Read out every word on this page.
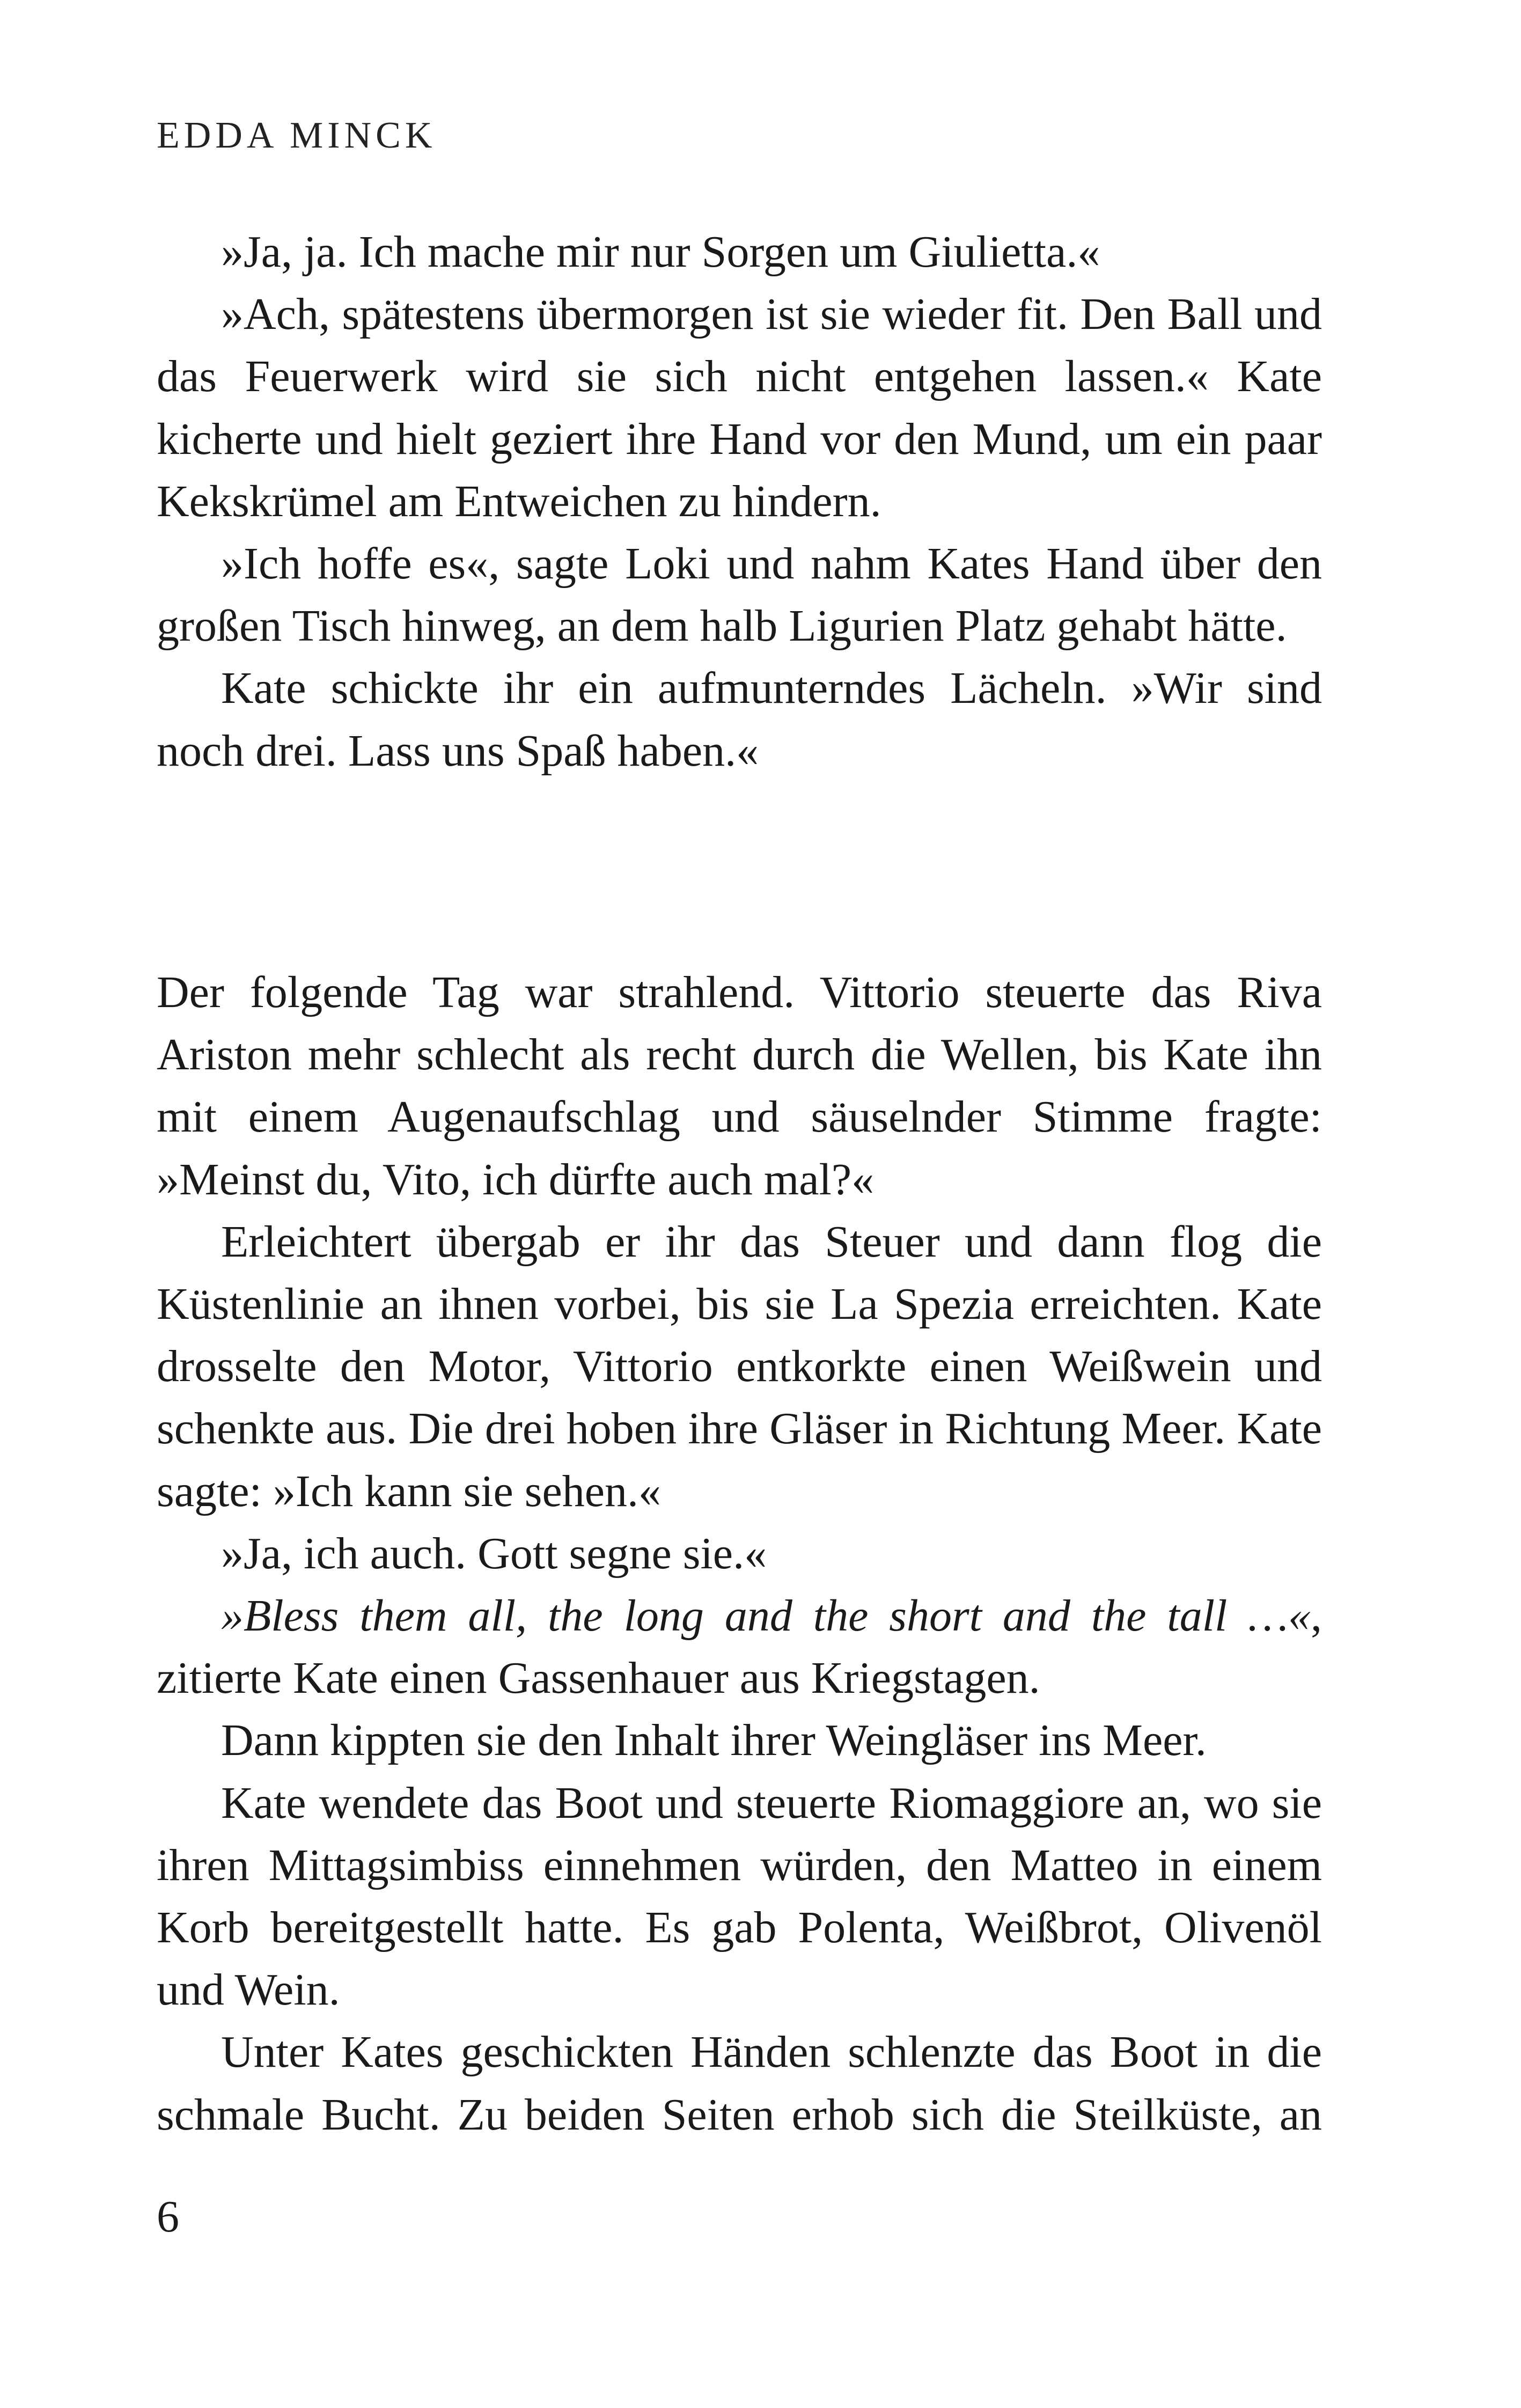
EDDA MINCK

»Ja, ja. Ich mache mir nur Sorgen um Giulietta.«

»Ach, spätestens übermorgen ist sie wieder fit. Den Ball und das Feuerwerk wird sie sich nicht entgehen lassen.« Kate kicherte und hielt geziert ihre Hand vor den Mund, um ein paar Kekskrümel am Entweichen zu hindern.

»Ich hoffe es«, sagte Loki und nahm Kates Hand über den großen Tisch hinweg, an dem halb Ligurien Platz gehabt hätte.

Kate schickte ihr ein aufmunterndes Lächeln. »Wir sind noch drei. Lass uns Spaß haben.«

Der folgende Tag war strahlend. Vittorio steuerte das Riva Ariston mehr schlecht als recht durch die Wellen, bis Kate ihn mit einem Augenaufschlag und säuselnder Stimme fragte: »Meinst du, Vito, ich dürfte auch mal?«

Erleichtert übergab er ihr das Steuer und dann flog die Küstenlinie an ihnen vorbei, bis sie La Spezia erreichten. Kate drosselte den Motor, Vittorio entkorkte einen Weißwein und schenkte aus. Die drei hoben ihre Gläser in Richtung Meer. Kate sagte: »Ich kann sie sehen.«

»Ja, ich auch. Gott segne sie.«

»Bless them all, the long and the short and the tall …«, zitierte Kate einen Gassenhauer aus Kriegstagen.

Dann kippten sie den Inhalt ihrer Weingläser ins Meer.

Kate wendete das Boot und steuerte Riomaggiore an, wo sie ihren Mittagsimbiss einnehmen würden, den Matteo in einem Korb bereitgestellt hatte. Es gab Polenta, Weißbrot, Olivenöl und Wein.

Unter Kates geschickten Händen schlenzte das Boot in die schmale Bucht. Zu beiden Seiten erhob sich die Steilküste, an

6
